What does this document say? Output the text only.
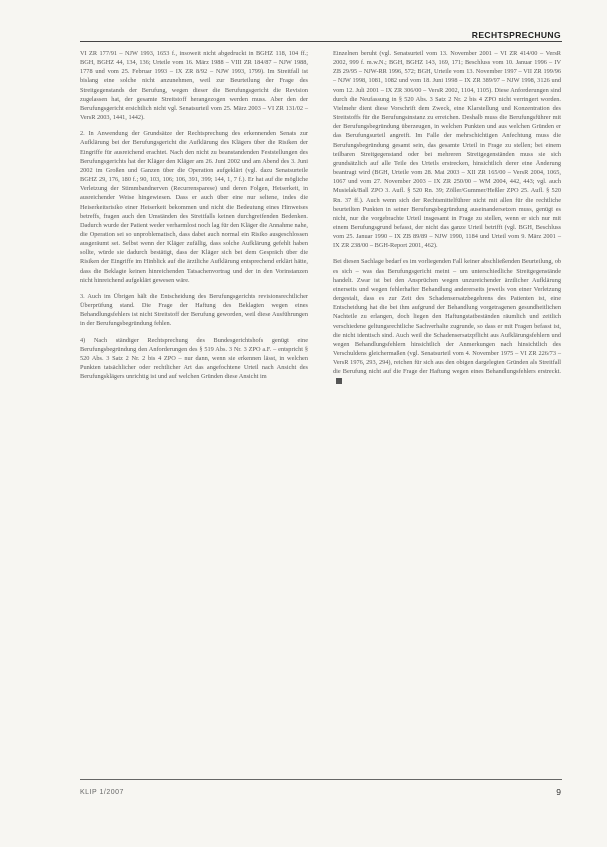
RECHTSPRECHUNG

VI ZR 177/91 – NJW 1993, 1653 f., insoweit nicht abgedruckt in BGHZ 118, 104 ff.; BGH, BGHZ 44, 134, 136; Urteile vom 16. März 1988 – VIII ZR 184/87 – NJW 1988, 1778 und vom 25. Februar 1993 – IX ZR 8/92 – NJW 1993, 1799). Im Streitfall ist bislang eine solche nicht anzunehmen, weil zur Beurteilung der Frage des Streitgegenstands der Berufung, wegen dieser die Berufungsgericht die Revision zugelassen hat, der gesamte Streitstoff herangezogen werden muss. Aber den der Berufungsgericht ersichtlich nicht vgl. Senatsurteil vom 25. März 2003 – VI ZR 131/02 – VersR 2003, 1441, 1442).

2. In Anwendung der Grundsätze der Rechtsprechung des erkennenden Senats zur Aufklärung bei der Berufungsgericht die Aufklärung des Klägers über die Risiken der Eingriffe für ausreichend erachtet. Nach den nicht zu beanstandenden Feststellungen des Berufungsgerichts hat der Kläger den Kläger am 26. Juni 2002 und am Abend des 3. Juni 2002 im Großen und Ganzen über die Operation aufgeklärt (vgl. dazu Senatsurteile BGHZ 29, 176, 180 f.; 90, 103, 106; 106, 391, 399; 144, 1, 7 f.). Er hat auf die mögliche Verletzung der Stimmbandnerven (Recurrensparese) und deren Folgen, Heiserkeit, in ausreichender Weise hingewiesen. Dass er auch über eine nur seltene, indes die Heiserkeitsrisiko einer Heiserkeit bekommen und nicht die Bedeutung eines Hinweises betreffs, fragen auch den Umständen des Streitfalls keinen durchgreifenden Bedenken. Dadurch wurde der Patient weder verharmlost noch lag für den Kläger die Annahme nahe, die Operation sei so unproblematisch, dass dabei auch normal ein Risiko ausgeschlossen ausgeräumt sei. Selbst wenn der Kläger zufällig, dass solche Aufklärung gefehlt haben sollte, würde sie dadurch bestätigt, dass der Kläger sich bei dem Gespräch über die Risiken der Eingriffe im Hinblick auf die ärztliche Aufklärung entsprechend erklärt hätte, dass die Beklagte keinen hinreichenden Tatsachenvortrag und der in den Vorinstanzen nicht hinreichend aufgeklärt gewesen wäre.

3. Auch im Übrigen hält die Entscheidung des Berufungsgerichts revisionsrechtlicher Überprüfung stand. Die Frage der Haftung des Beklagten wegen eines Behandlungsfehlers ist nicht Streitstoff der Berufung geworden, weil diese Ausführungen in der Berufungsbegründung fehlen.

4) Nach ständiger Rechtsprechung des Bundesgerichtshofs genügt eine Berufungsbegründung den Anforderungen des § 519 Abs. 3 Nr. 3 ZPO a.F. – entspricht § 520 Abs. 3 Satz 2 Nr. 2 bis 4 ZPO – nur dann, wenn sie erkennen lässt, in welchen Punkten tatsächlicher oder rechtlicher Art das angefochtene Urteil nach Ansicht des Berufungsklägers unrichtig ist und auf welchen Gründen diese Ansicht im

Einzelnen beruht (vgl. Senatsurteil vom 13. November 2001 – VI ZR 414/00 – VersR 2002, 999 f. m.w.N.; BGH, BGHZ 143, 169, 171; Beschluss vom 10. Januar 1996 – IV ZB 29/95 – NJW-RR 1996, 572; BGH, Urteile vom 13. November 1997 – VII ZR 199/96 – NJW 1998, 1081, 1082 und vom 18. Juni 1998 – IX ZR 389/97 – NJW 1998, 3126 und vom 12. Juli 2001 – IX ZR 306/00 – VersR 2002, 1104, 1105). Diese Anforderungen sind durch die Neufassung in § 520 Abs. 3 Satz 2 Nr. 2 bis 4 ZPO nicht verringert worden. Vielmehr dient diese Vorschrift dem Zweck, eine Klarstellung und Konzentration des Streitstoffs für die Berufungsinstanz zu erreichen. Deshalb muss die Berufungsführer mit der Berufungsbegründung überzeugen, in welchen Punkten und aus welchen Gründen er das Berufungsurteil angreift. Im Falle der mehrschichtigen Anfechtung muss die Berufungsbegründung gesamt sein, das gesamte Urteil in Frage zu stellen; bei einem teilbaren Streitgegenstand oder bei mehreren Streitgegenständen muss sie sich grundsätzlich auf alle Teile des Urteils erstrecken, hinsichtlich derer eine Änderung beantragt wird (BGH, Urteile vom 28. Mai 2003 – XII ZR 165/00 – VersR 2004, 1065, 1067 und vom 27. November 2003 – IX ZR 250/00 – WM 2004, 442, 443; vgl. auch Musielak/Ball ZPO 3. Aufl. § 520 Rn. 39; Zöller/Gummer/Heßler ZPO 25. Aufl. § 520 Rn. 37 ff.). Auch wenn sich der Rechtsmittelführer nicht mit allen für die rechtliche beurteilten Punkten in seiner Berufungsbegründung auseinandersetzen muss, genügt es nicht, nur die vorgebrachte Urteil insgesamt in Frage zu stellen, wenn er sich nur mit einem Berufungsgrund befasst, der nicht das ganze Urteil betrifft (vgl. BGH, Beschluss vom 25. Januar 1990 – IX ZB 89/89 – NJW 1990, 1184 und Urteil vom 9. März 2001 – IX ZR 238/00 – BGH-Report 2001, 462).

Bei diesen Sachlage bedarf es im vorliegenden Fall keiner abschließenden Beurteilung, ob es sich – was das Berufungsgericht meint – um unterschiedliche Streitgegenstände handelt. Zwar ist bei den Ansprüchen wegen unzureichender ärztlicher Aufklärung einerseits und wegen fehlerhafter Behandlung andererseits jeweils von einer Verletzung dergestalt, dass es zur Zeit des Schadensersatzbegehrens des Patienten ist, eine Entscheidung hat die bei ihm aufgrund der Behandlung vorgetragenen gesundheitlichen Nachteile zu erlangen, doch liegen den Haftungstatbeständen räumlich und zeitlich verschiedene geltungsrechtliche Sachverhalte zugrunde, so dass er mit Fragen befasst ist, die nicht identisch sind. Auch weil die Schadensersatzpflicht aus Aufklärungsfehlern und wegen Behandlungsfehlern hinsichtlich der Anmerkungen nach hinsichtlich des Verschuldens gleichermaßen (vgl. Senatsurteil vom 4. November 1975 – VI ZR 226/73 – VersR 1976, 293, 294), reichen für sich aus den obigen dargelegten Gründen als Streitfall die Berufung nicht auf die Frage der Haftung wegen eines Behandlungsfehlers erstreckt.

KLIP 1/2007	9
